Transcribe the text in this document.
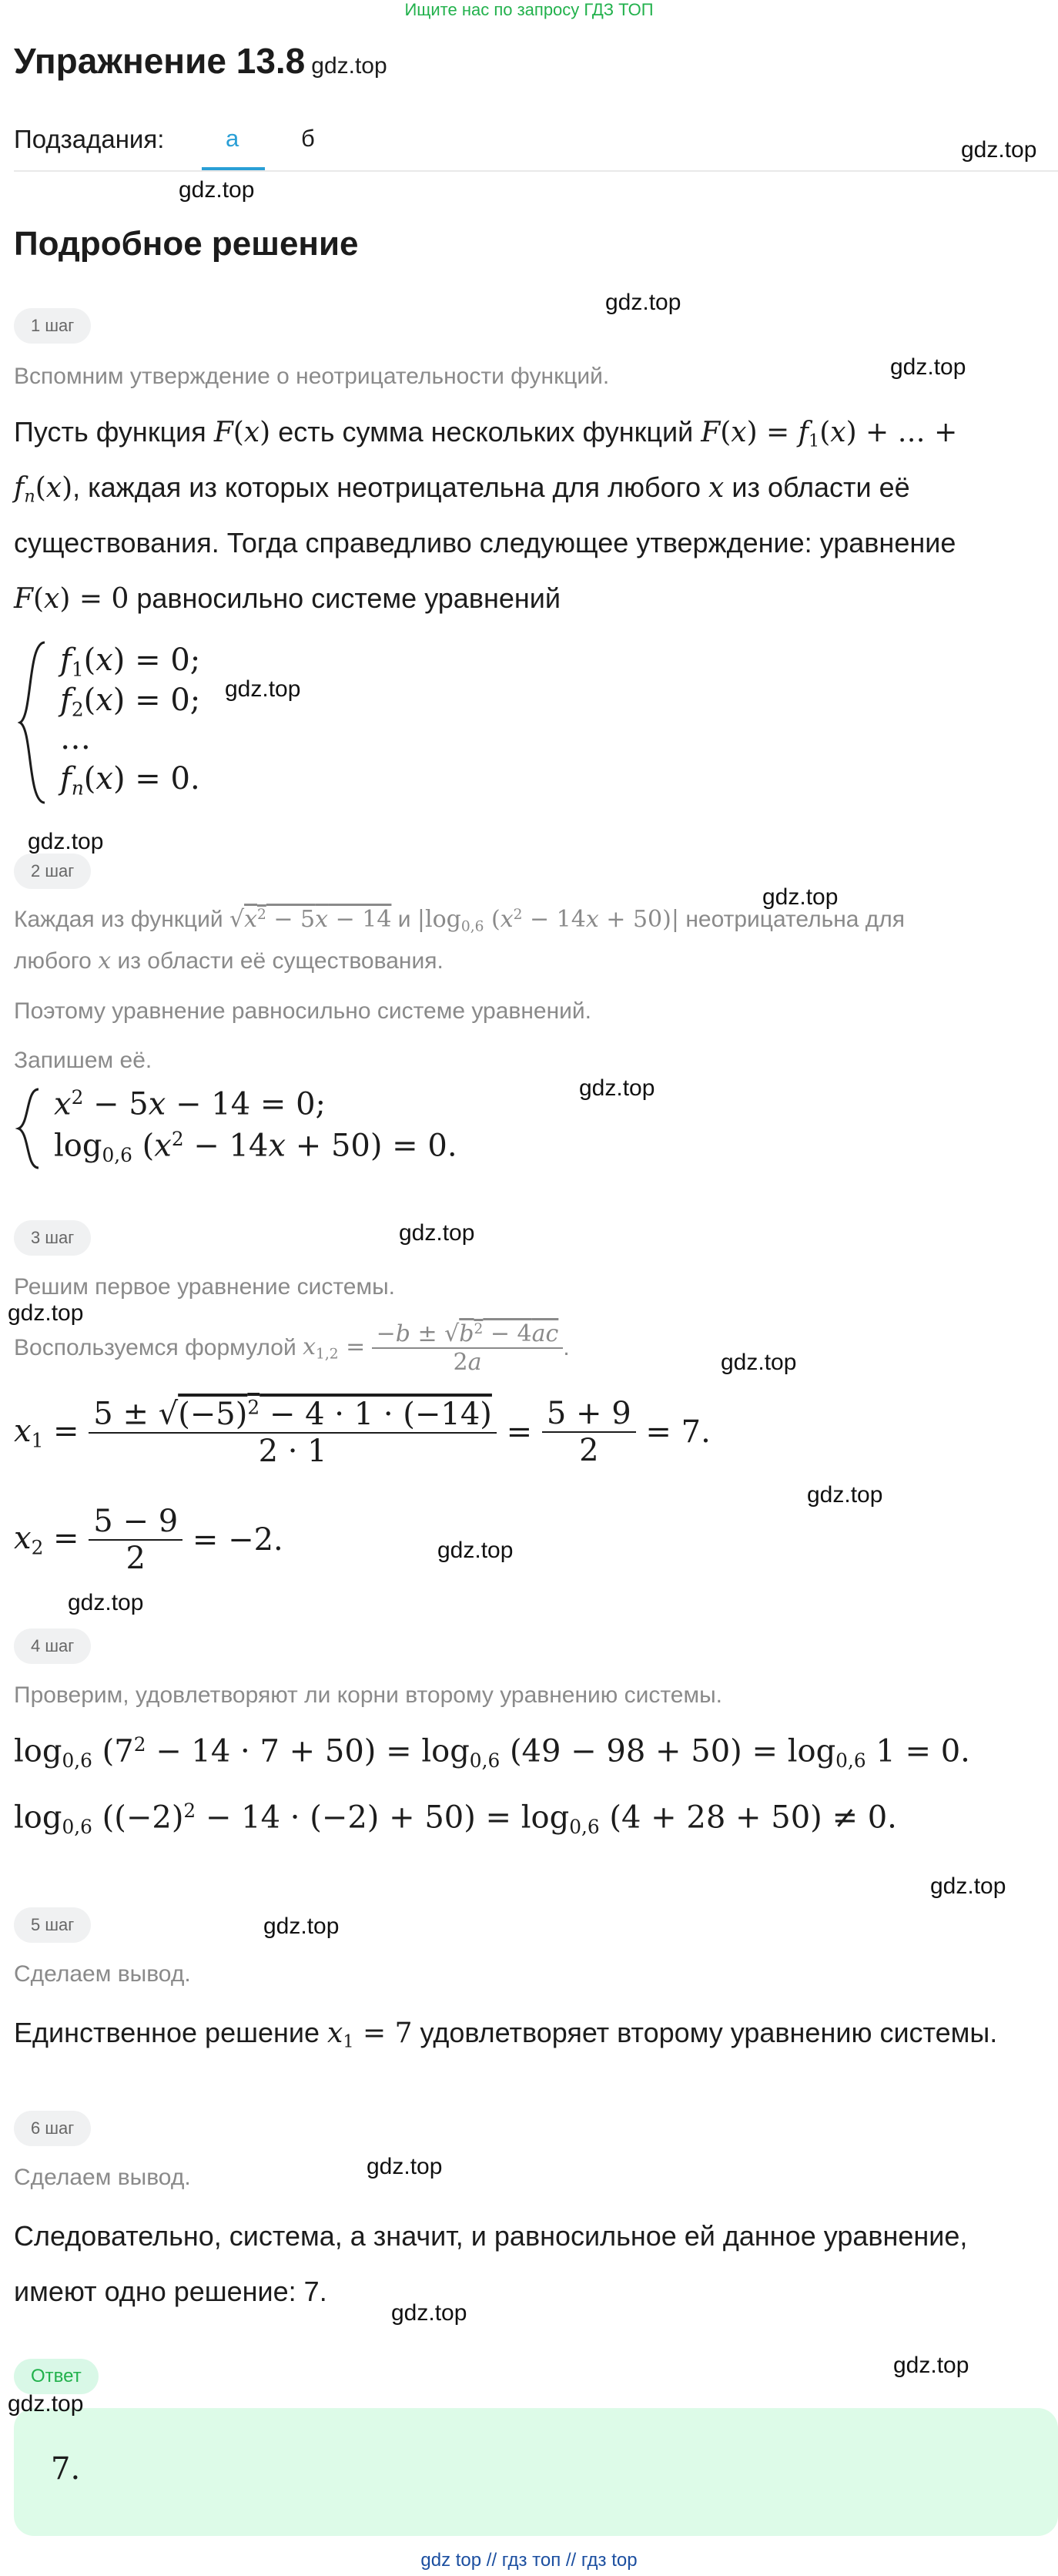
Ищите нас по запросу ГДЗ ТОП
Упражнение 13.8 gdz.top
Подзадания:	а	б
Подробное решение
1 шаг
Вспомним утверждение о неотрицательности функций.
Пусть функция F(x) есть сумма нескольких функций $F(x) = f_1(x)$ + … +
$f_n(x)$, каждая из которых неотрицательна для любого x из области её
существования. Тогда справедливо следующее утверждение: уравнение
F(x) = 0 равносильно системе уравнений
$f_1(x) = 0$;
$f_2(x) = 0$;
…
$f_n(x) = 0$.
2 шаг
Каждая из функций $√x^2 - 5x - 14$ и $|\log_{0,6}$ $(x^2 - 14x + 50)|$ неотрицательна для
любого x из области её существования.
Поэтому уравнение равносильно системе уравнений.
Запишем её.
$x^2 - 5x - 14 = 0$;
$\log_{0,6} (x^2 - 14x + 50) = 0$.
3 шаг
Решим первое уравнение системы.
Воспользуемся формулой
$x_{1,2}$ =
$\frac{-b \pm √b^2 - 4ac}{2a}$ .
$x_1 = \frac{5 \pm √(-5)^2 - 4 \cdot 1 \cdot (-14)}{2 \cdot 1} = \frac{5 + 9}{2} = 7$.
$x_2 = \frac{5 - 9}{2} = -2$.
4 шаг
Проверим, удовлетворяют ли корни второму уравнению системы.
$\log_{0,6} (7^2 - 14 \cdot 7 + 50) = \log_{0,6} (49 - 98 + 50) = \log_{0,6} 1 = 0$.
$\log_{0,6} ((-2)^2 - 14 \cdot (-2) + 50) = \log_{0,6} (4 + 28 + 50) \ne 0$.
5 шаг
Сделаем вывод.
Единственное решение $x_1 = 7$ удовлетворяет второму уравнению системы.
6 шаг
Сделаем вывод.
Следовательно, система, а значит, и равносильное ей данное уравнение,
имеют одно решение: 7.
Ответ
7.
gdz.top
gdz.top
gdz.top
gdz.top
gdz.top
gdz.top
gdz.top
gdz.top
gdz.top
gdz.top
gdz.top
gdz.top
gdz.top
gdz.top
gdz.top
gdz.top
gdz.top
gdz.top
gdz.top
gdz.top
gdz top // гдз топ // гдз top
